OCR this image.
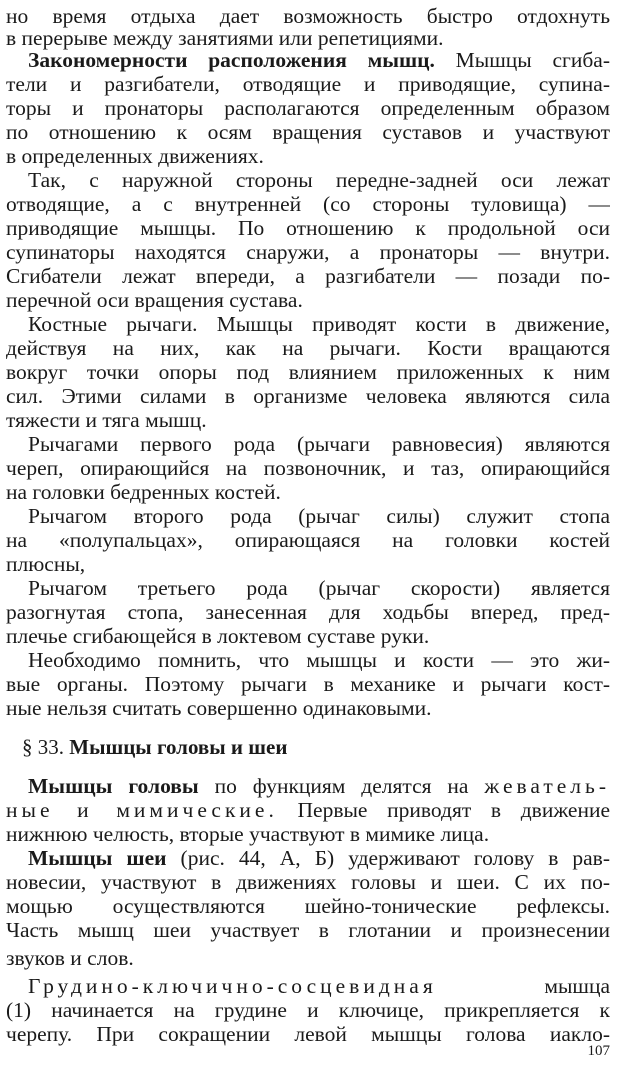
но время отдыха дает возможность быстро отдохнуть
в перерыве между занятиями или репетициями.
Закономерности расположения мышц. Мышцы сгиба-
тели и разгибатели, отводящие и приводящие, супина-
торы и пронаторы располагаются определенным образом
по отношению к осям вращения суставов и участвуют
в определенных движениях.
Так, с наружной стороны передне-задней оси лежат
отводящие, а с внутренней (со стороны туловища) —
приводящие мышцы. По отношению к продольной оси
супинаторы находятся снаружи, а пронаторы — внутри.
Сгибатели лежат впереди, а разгибатели — позади по-
перечной оси вращения сустава.
Костные рычаги. Мышцы приводят кости в движение,
действуя на них, как на рычаги. Кости вращаются
вокруг точки опоры под влиянием приложенных к ним
сил. Этими силами в организме человека являются сила
тяжести и тяга мышц.
Рычагами первого рода (рычаги равновесия) являются
череп, опирающийся на позвоночник, и таз, опирающийся
на головки бедренных костей.
Рычагом второго рода (рычаг силы) служит стопа
на «полупальцах», опирающаяся на головки костей
плюсны,
Рычагом третьего рода (рычаг скорости) является
разогнутая стопа, занесенная для ходьбы вперед, пред-
плечье сгибающейся в локтевом суставе руки.
Необходимо помнить, что мышцы и кости — это жи-
вые органы. Поэтому рычаги в механике и рычаги кост-
ные нельзя считать совершенно одинаковыми.
§ 33. Мышцы головы и шеи
Мышцы головы по функциям делятся на жеватель-
ные и мимические. Первые приводят в движение
нижнюю челюсть, вторые участвуют в мимике лица.
Мышцы шеи (рис. 44, А, Б) удерживают голову в рав-
новесии, участвуют в движениях головы и шеи. С их по-
мощью осуществляются шейно-тонические рефлексы.
Часть мышц шеи участвует в глотании и произнесении
звуков и слов.
Грудино-ключично-сосцевидная мышца
(1) начинается на грудине и ключице, прикрепляется к
черепу. При сокращении левой мышцы голова иакло-
107
